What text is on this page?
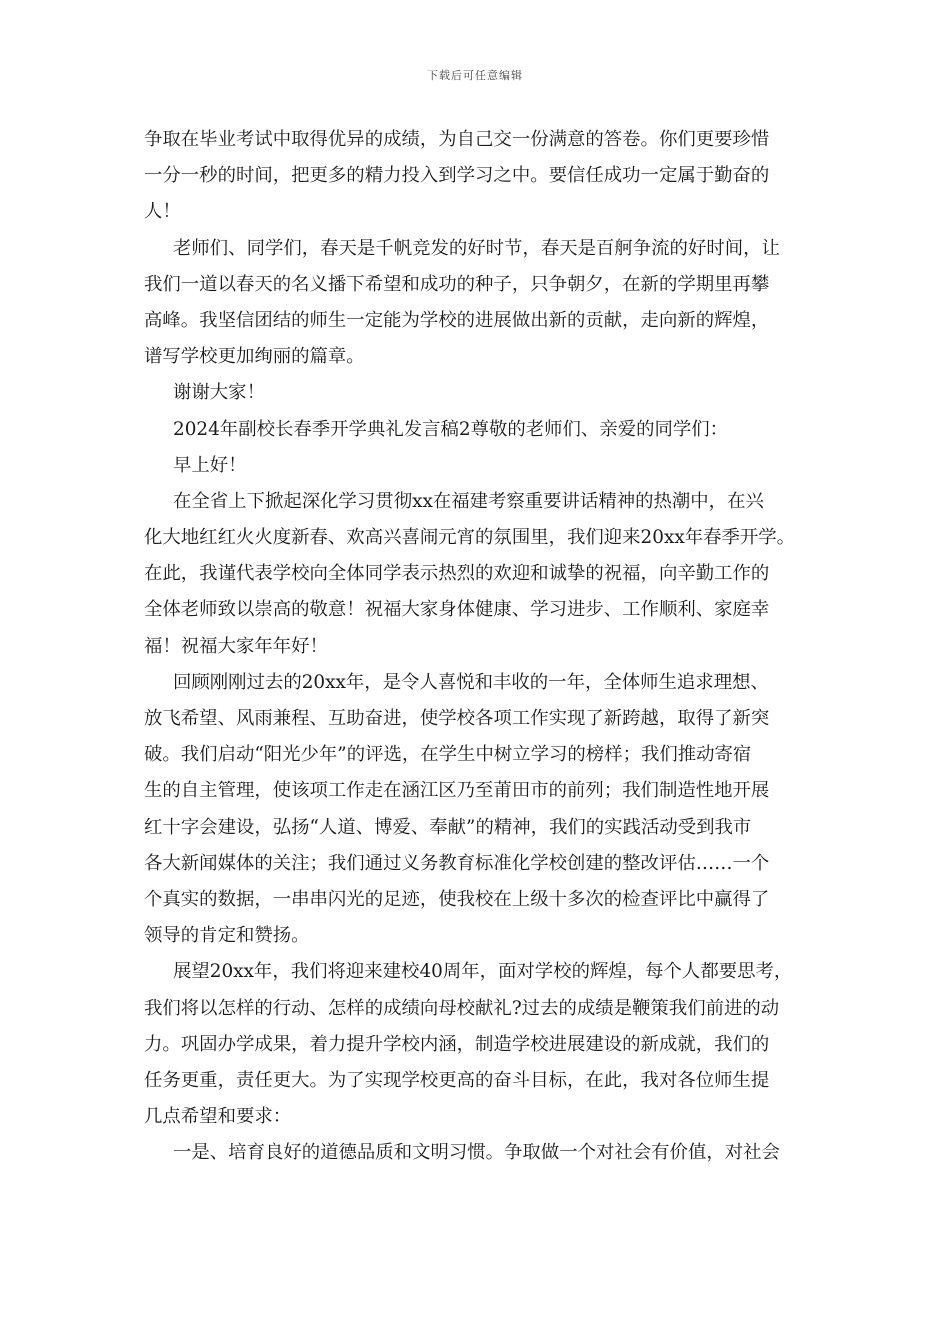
下载后可任意编辑
争取在毕业考试中取得优异的成绩，为自己交一份满意的答卷。你们更要珍惜
一分一秒的时间，把更多的精力投入到学习之中。要信任成功一定属于勤奋的
人！
老师们、同学们，春天是千帆竞发的好时节，春天是百舸争流的好时间，让
我们一道以春天的名义播下希望和成功的种子，只争朝夕，在新的学期里再攀
高峰。我坚信团结的师生一定能为学校的进展做出新的贡献，走向新的辉煌，
谱写学校更加绚丽的篇章。
谢谢大家！
2024年副校长春季开学典礼发言稿2尊敬的老师们、亲爱的同学们：
早上好！
在全省上下掀起深化学习贯彻xx在福建考察重要讲话精神的热潮中，在兴
化大地红红火火度新春、欢高兴喜闹元宵的氛围里，我们迎来20xx年春季开学。
在此，我谨代表学校向全体同学表示热烈的欢迎和诚挚的祝福，向辛勤工作的
全体老师致以崇高的敬意！祝福大家身体健康、学习进步、工作顺利、家庭幸
福！祝福大家年年好！
回顾刚刚过去的20xx年，是令人喜悦和丰收的一年，全体师生追求理想、
放飞希望、风雨兼程、互助奋进，使学校各项工作实现了新跨越，取得了新突
破。我们启动“阳光少年”的评选，在学生中树立学习的榜样；我们推动寄宿
生的自主管理，使该项工作走在涵江区乃至莆田市的前列；我们制造性地开展
红十字会建设，弘扬“人道、博爱、奉献”的精神，我们的实践活动受到我市
各大新闻媒体的关注；我们通过义务教育标准化学校创建的整改评估……一个
个真实的数据，一串串闪光的足迹，使我校在上级十多次的检查评比中赢得了
领导的肯定和赞扬。
展望20xx年，我们将迎来建校40周年，面对学校的辉煌，每个人都要思考，
我们将以怎样的行动、怎样的成绩向母校献礼?过去的成绩是鞭策我们前进的动
力。巩固办学成果，着力提升学校内涵，制造学校进展建设的新成就，我们的
任务更重，责任更大。为了实现学校更高的奋斗目标，在此，我对各位师生提
几点希望和要求：
一是、培育良好的道德品质和文明习惯。争取做一个对社会有价值，对社会
